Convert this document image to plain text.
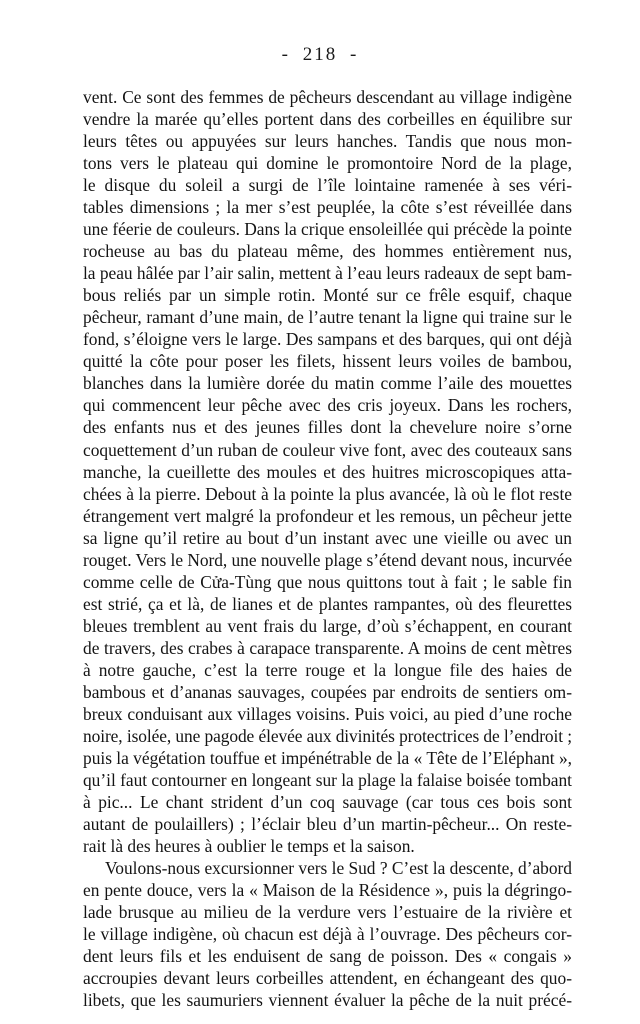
- 218 -
vent. Ce sont des femmes de pêcheurs descendant au village indigène
vendre la marée qu’elles portent dans des corbeilles en équilibre sur
leurs têtes ou appuyées sur leurs hanches. Tandis que nous mon-
tons vers le plateau qui domine le promontoire Nord de la plage,
le disque du soleil a surgi de l’île lointaine ramenée à ses véri-
tables dimensions ; la mer s’est peuplée, la côte s’est réveillée dans
une féerie de couleurs. Dans la crique ensoleillée qui précède la pointe
rocheuse au bas du plateau même, des hommes entièrement nus,
la peau hâlée par l’air salin, mettent à l’eau leurs radeaux de sept bam-
bous reliés par un simple rotin. Monté sur ce frêle esquif, chaque
pêcheur, ramant d’une main, de l’autre tenant la ligne qui traine sur le
fond, s’éloigne vers le large. Des sampans et des barques, qui ont déjà
quitté la côte pour poser les filets, hissent leurs voiles de bambou,
blanches dans la lumière dorée du matin comme l’aile des mouettes
qui commencent leur pêche avec des cris joyeux. Dans les rochers,
des enfants nus et des jeunes filles dont la chevelure noire s’orne
coquettement d’un ruban de couleur vive font, avec des couteaux sans
manche, la cueillette des moules et des huitres microscopiques atta-
chées à la pierre. Debout à la pointe la plus avancée, là où le flot reste
étrangement vert malgré la profondeur et les remous, un pêcheur jette
sa ligne qu’il retire au bout d’un instant avec une vieille ou avec un
rouget. Vers le Nord, une nouvelle plage s’étend devant nous, incurvée
comme celle de Cửa-Tùng que nous quittons tout à fait ; le sable fin
est strié, ça et là, de lianes et de plantes rampantes, où des fleurettes
bleues tremblent au vent frais du large, d’où s’échappent, en courant
de travers, des crabes à carapace transparente. A moins de cent mètres
à notre gauche, c’est la terre rouge et la longue file des haies de
bambous et d’ananas sauvages, coupées par endroits de sentiers om-
breux conduisant aux villages voisins. Puis voici, au pied d’une roche
noire, isolée, une pagode élevée aux divinités protectrices de l’endroit ;
puis la végétation touffue et impénétrable de la « Tête de l’Eléphant »,
qu’il faut contourner en longeant sur la plage la falaise boisée tombant
à pic... Le chant strident d’un coq sauvage (car tous ces bois sont
autant de poulaillers) ; l’éclair bleu d’un martin-pêcheur... On reste-
rait là des heures à oublier le temps et la saison.
Voulons-nous excursionner vers le Sud ? C’est la descente, d’abord
en pente douce, vers la « Maison de la Résidence », puis la dégringo-
lade brusque au milieu de la verdure vers l’estuaire de la rivière et
le village indigène, où chacun est déjà à l’ouvrage. Des pêcheurs cor-
dent leurs fils et les enduisent de sang de poisson. Des « congais »
accroupies devant leurs corbeilles attendent, en échangeant des quo-
libets, que les saumuriers viennent évaluer la pêche de la nuit précé-
